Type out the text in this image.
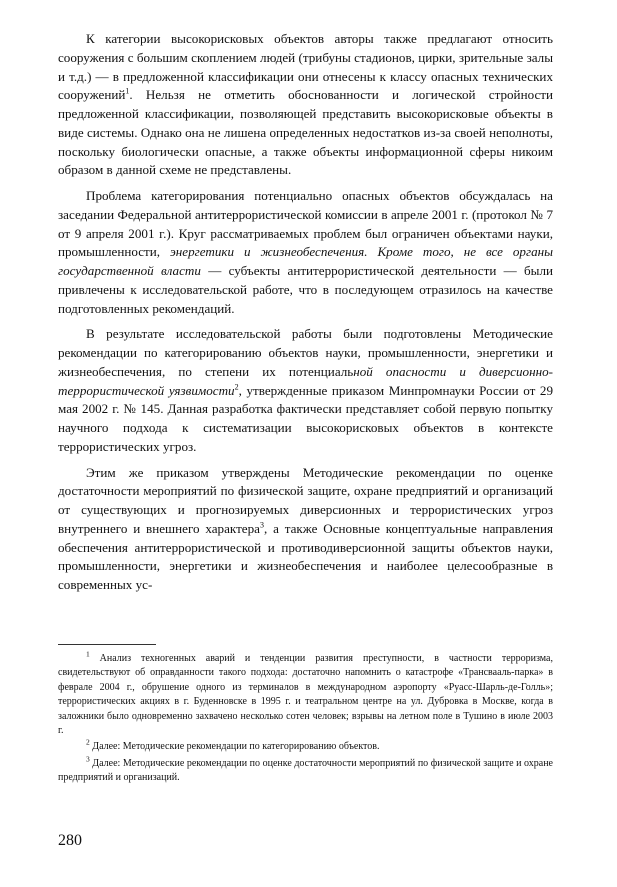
К категории высокорисковых объектов авторы также предлагают относить сооружения с большим скоплением людей (трибуны стадионов, цирки, зрительные залы и т.д.) — в предложенной классификации они отнесены к классу опасных технических сооружений$^1$. Нельзя не отметить обоснованности и логической стройности предложенной классификации, позволяющей представить высокорисковые объекты в виде системы. Однако она не лишена определенных недостатков из-за своей неполноты, поскольку биологически опасные, а также объекты информационной сферы никоим образом в данной схеме не представлены.

Проблема категорирования потенциально опасных объектов обсуждалась на заседании Федеральной антитеррористической комиссии в апреле 2001 г. (протокол № 7 от 9 апреля 2001 г.). Круг рассматриваемых проблем был ограничен объектами науки, промышленности, энергетики и жизнеобеспечения. Кроме того, не все органы государственной власти — субъекты антитеррористической деятельности — были привлечены к исследовательской работе, что в последующем отразилось на качестве подготовленных рекомендаций.

В результате исследовательской работы были подготовлены Методические рекомендации по категорированию объектов науки, промышленности, энергетики и жизнеобеспечения, по степени их потенциальной опасности и диверсионно-террористической уязвимости$^2$, утвержденные приказом Минпромнауки России от 29 мая 2002 г. № 145. Данная разработка фактически представляет собой первую попытку научного подхода к систематизации высокорисковых объектов в контексте террористических угроз.

Этим же приказом утверждены Методические рекомендации по оценке достаточности мероприятий по физической защите, охране предприятий и организаций от существующих и прогнозируемых диверсионных и террористических угроз внутреннего и внешнего характера$^3$, а также Основные концептуальные направления обеспечения антитеррористической и противодиверсионной защиты объектов науки, промышленности, энергетики и жизнеобеспечения и наиболее целесообразные в современных ус-

$^1$ Анализ техногенных аварий и тенденции развития преступности, в частности терроризма, свидетельствуют об оправданности такого подхода: достаточно напомнить о катастрофе «Трансвааль-парка» в феврале 2004 г., обрушение одного из терминалов в международном аэропорту «Руасс-Шарль-де-Голль»; террористических акциях в г. Буденновске в 1995 г. и театральном центре на ул. Дубровка в Москве, когда в заложники было одновременно захвачено несколько сотен человек; взрывы на летном поле в Тушино в июле 2003 г.

$^2$ Далее: Методические рекомендации по категорированию объектов.

$^3$ Далее: Методические рекомендации по оценке достаточности мероприятий по физической защите и охране предприятий и организаций.

280
